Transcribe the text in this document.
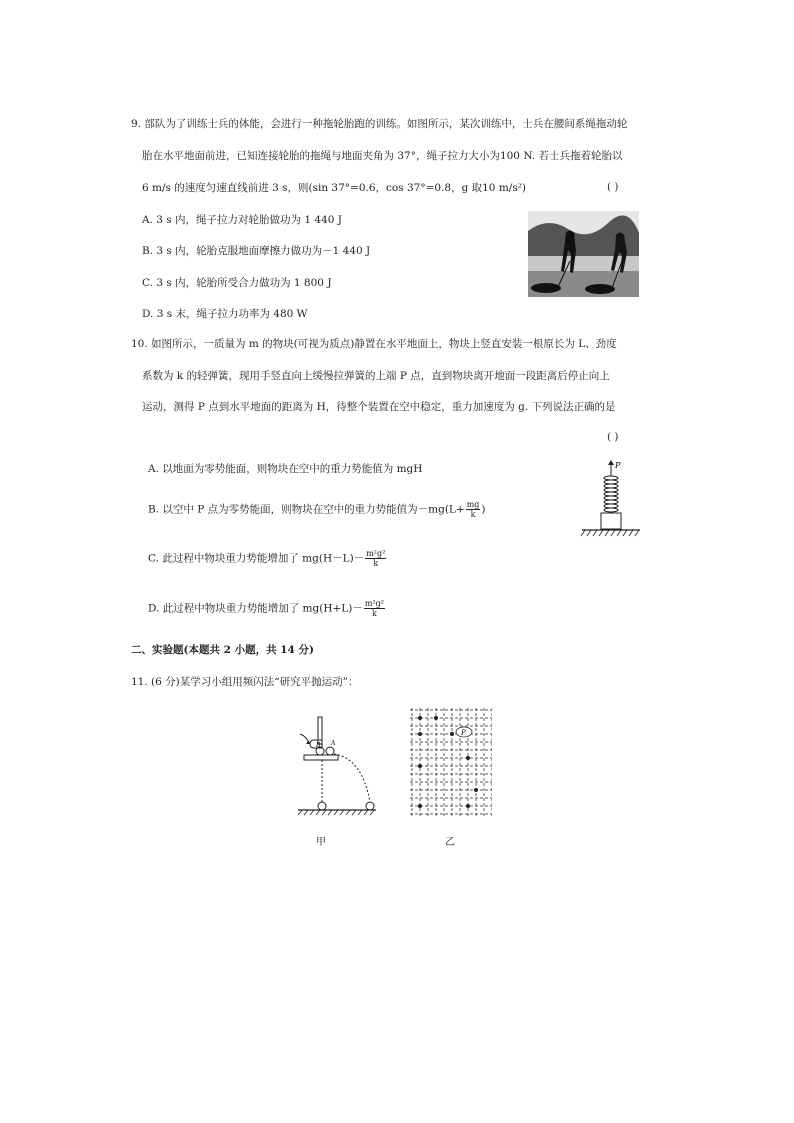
9. 部队为了训练士兵的体能，会进行一种拖轮胎跑的训练。如图所示，某次训练中，士兵在腰间系绳拖动轮
胎在水平地面前进，已知连接轮胎的拖绳与地面夹角为 37°，绳子拉力大小为100 N. 若士兵拖着轮胎以
6 m/s 的速度匀速直线前进 3 s，则(sin 37°=0.6，cos 37°=0.8，g 取10 m/s²)	( )
A. 3 s 内，绳子拉力对轮胎做功为 1 440 J
B. 3 s 内，轮胎克服地面摩擦力做功为－1 440 J
C. 3 s 内，轮胎所受合力做功为 1 800 J
D. 3 s 末，绳子拉力功率为 480 W
10. 如图所示，一质量为 m 的物块(可视为质点)静置在水平地面上，物块上竖直安装一根原长为 L、劲度
系数为 k 的轻弹簧，现用手竖直向上缓慢拉弹簧的上端 P 点，直到物块离开地面一段距离后停止向上
运动，测得 P 点到水平地面的距离为 H，待整个装置在空中稳定，重力加速度为 g. 下列说法正确的是
( )
A. 以地面为零势能面，则物块在空中的重力势能值为 mgH
B. 以空中 P 点为零势能面，则物块在空中的重力势能值为$-mg(L+ \frac{mg}{k}$ )
C. 此过程中物块重力势能增加了 $mg(H-L)- \frac{\text{m²g²}}{k}$
D. 此过程中物块重力势能增加了 $mg(H+L)- \frac{\text{m²g²}}{k}$
P
二、实验题(本题共 2 小题，共 14 分)
11. (6 分)某学习小组用频闪法“研究平抛运动”：
B A
甲
P
乙
